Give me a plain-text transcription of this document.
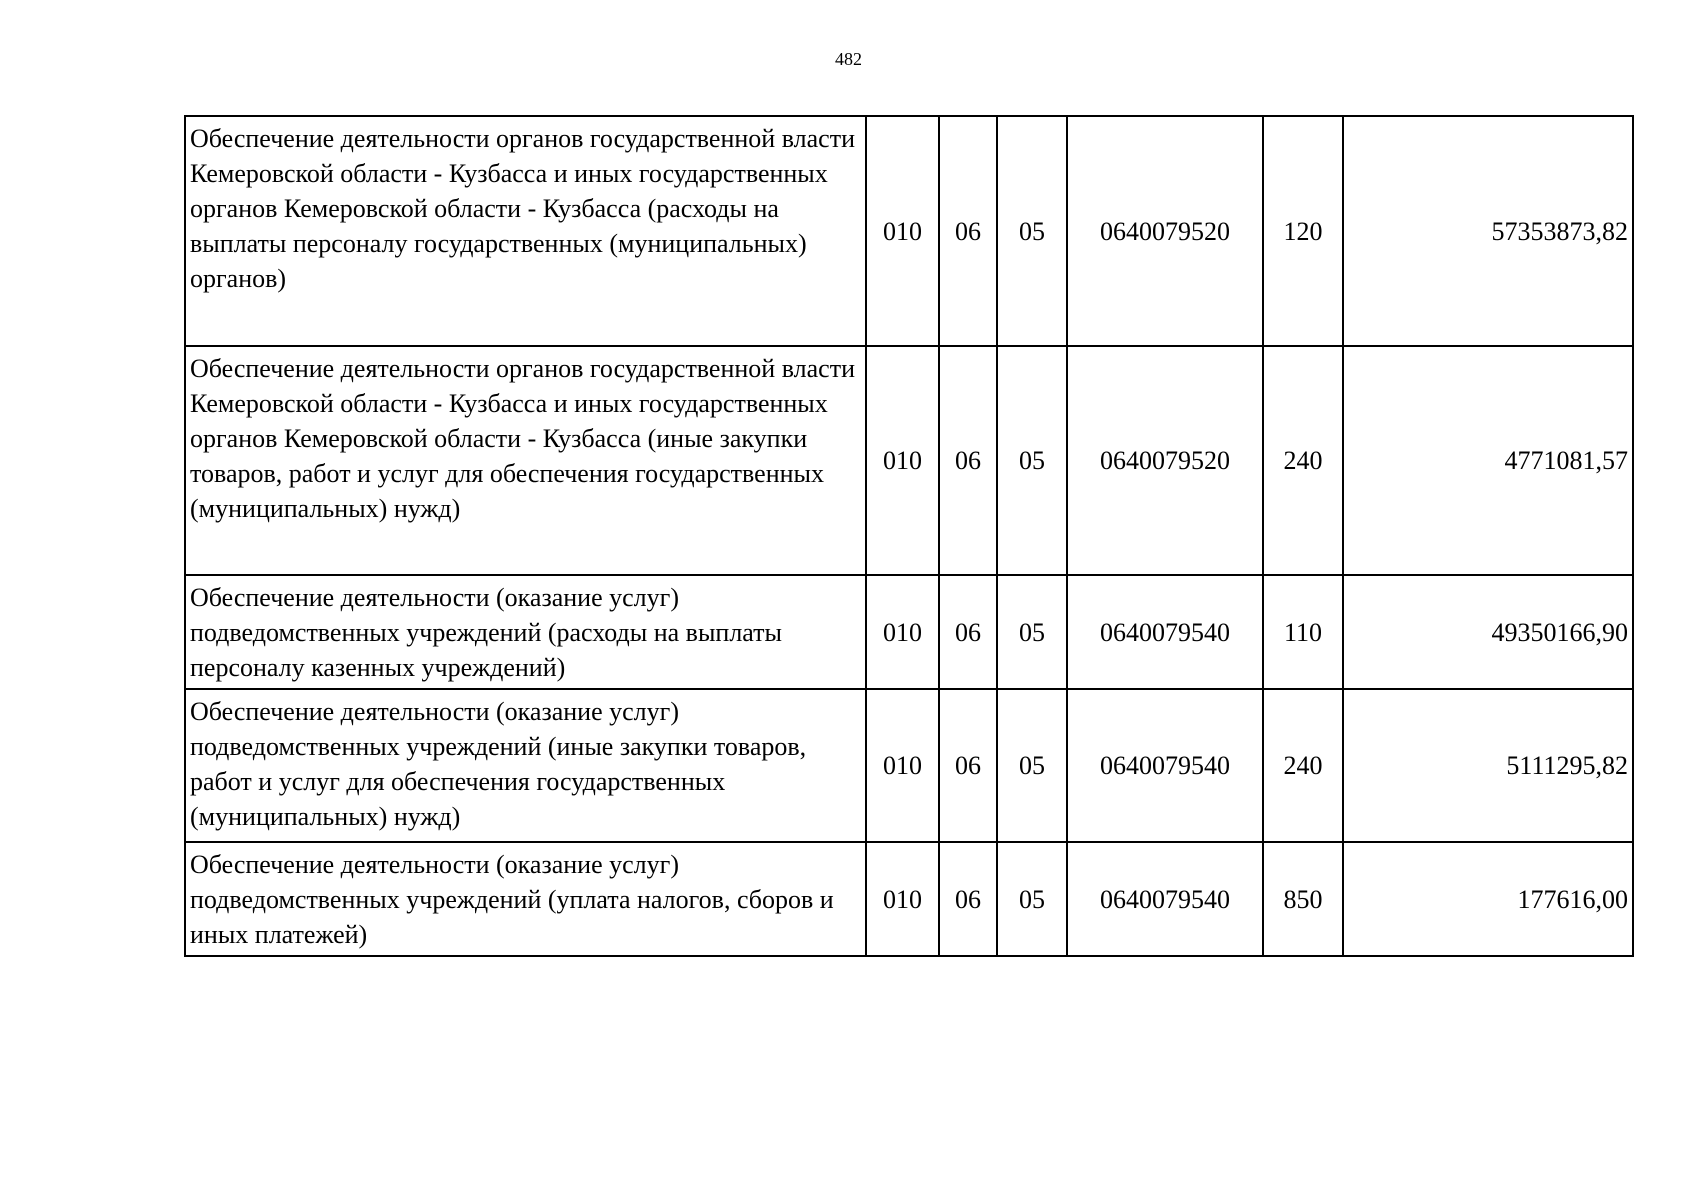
482
Обеспечение деятельности органов государственной власти Кемеровской области - Кузбасса и иных государственных органов Кемеровской области - Кузбасса (расходы на выплаты персоналу государственных (муниципальных) органов)	010	06	05	0640079520	120	57353873,82
Обеспечение деятельности органов государственной власти Кемеровской области - Кузбасса и иных государственных органов Кемеровской области - Кузбасса (иные закупки товаров, работ и услуг для обеспечения государственных (муниципальных) нужд)	010	06	05	0640079520	240	4771081,57
Обеспечение деятельности (оказание услуг) подведомственных учреждений (расходы на выплаты персоналу казенных учреждений)	010	06	05	0640079540	110	49350166,90
Обеспечение деятельности (оказание услуг) подведомственных учреждений (иные закупки товаров, работ и услуг для обеспечения государственных (муниципальных) нужд)	010	06	05	0640079540	240	5111295,82
Обеспечение деятельности (оказание услуг) подведомственных учреждений (уплата налогов, сборов и иных платежей)	010	06	05	0640079540	850	177616,00
